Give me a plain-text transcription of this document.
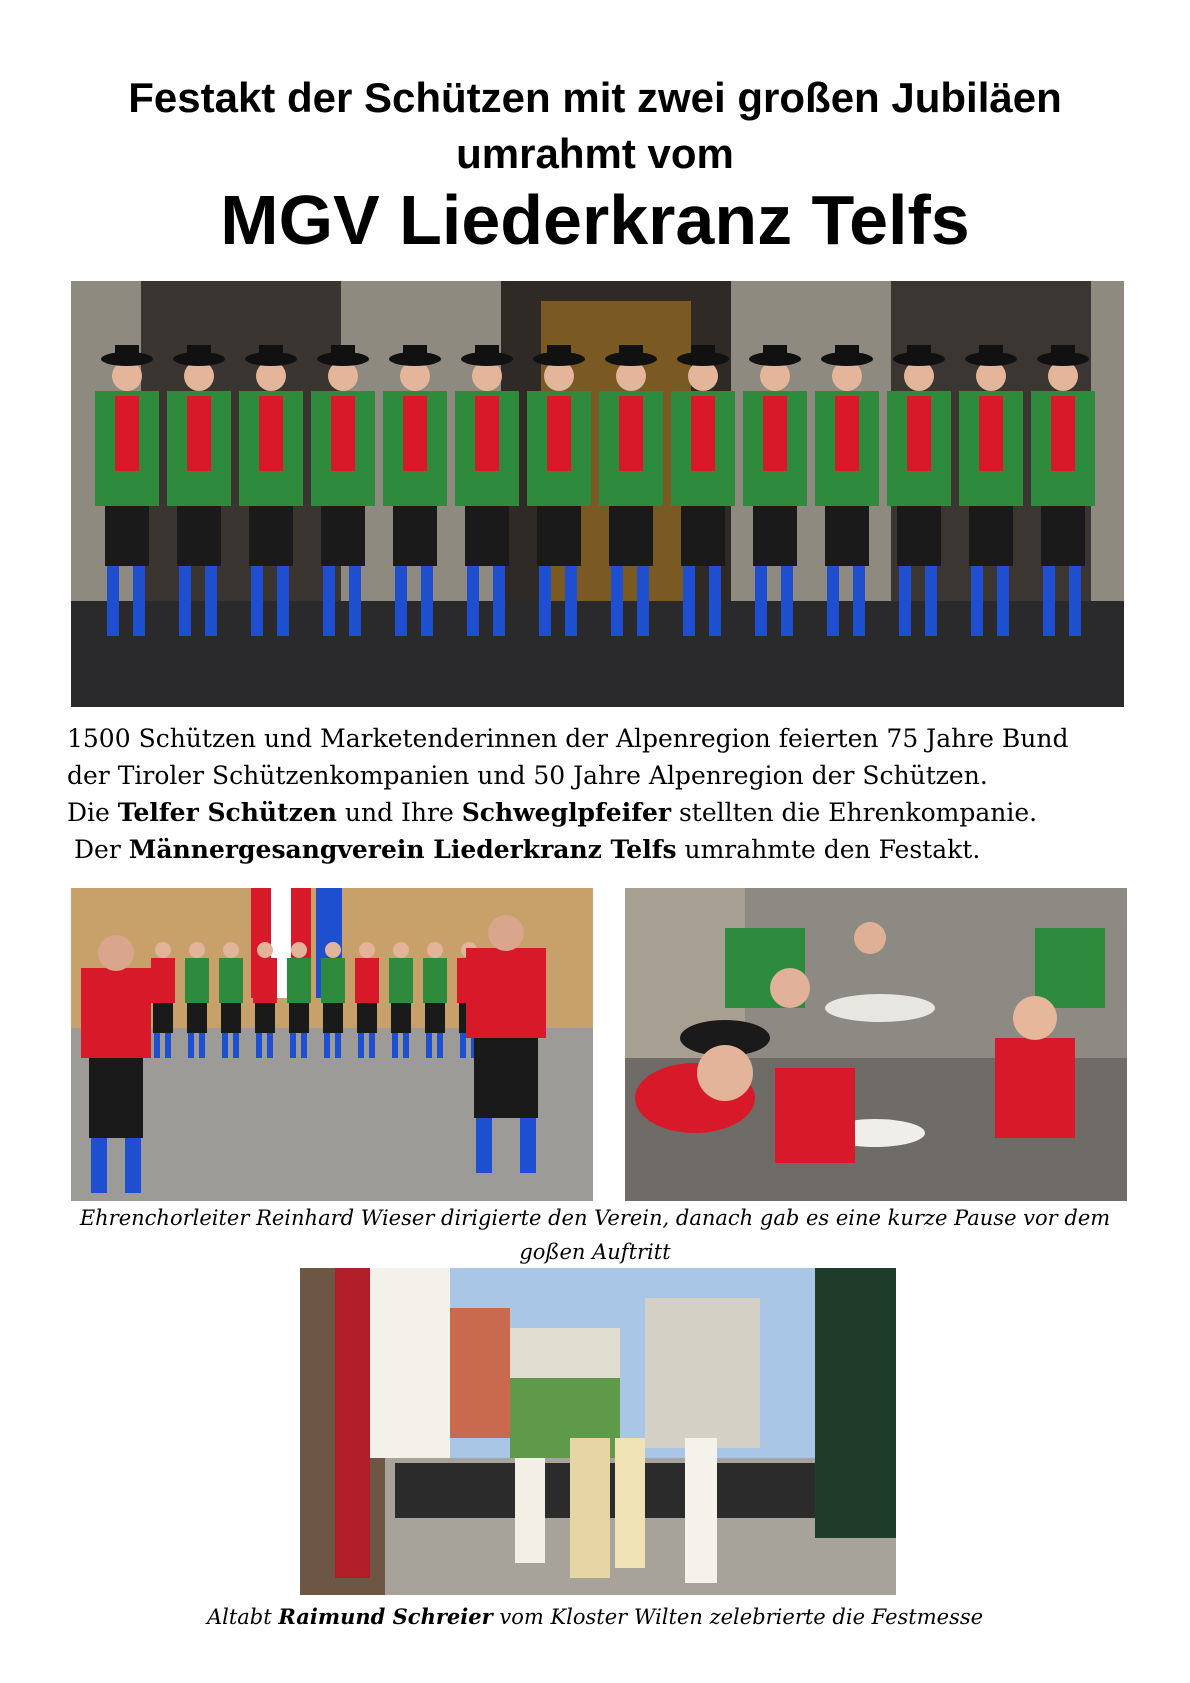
Festakt der Schützen mit zwei großen Jubiläen
umrahmt vom
MGV Liederkranz Telfs
1500 Schützen und Marketenderinnen der Alpenregion feierten 75 Jahre Bund
der Tiroler Schützenkompanien und 50 Jahre Alpenregion der Schützen.
Die Telfer Schützen und Ihre Schweglpfeifer stellten die Ehrenkompanie.
Der Männergesangverein Liederkranz Telfs umrahmte den Festakt.
Ehrenchorleiter Reinhard Wieser dirigierte den Verein, danach gab es eine kurze Pause vor dem
goßen Auftritt
Altabt Raimund Schreier vom Kloster Wilten zelebrierte die Festmesse
